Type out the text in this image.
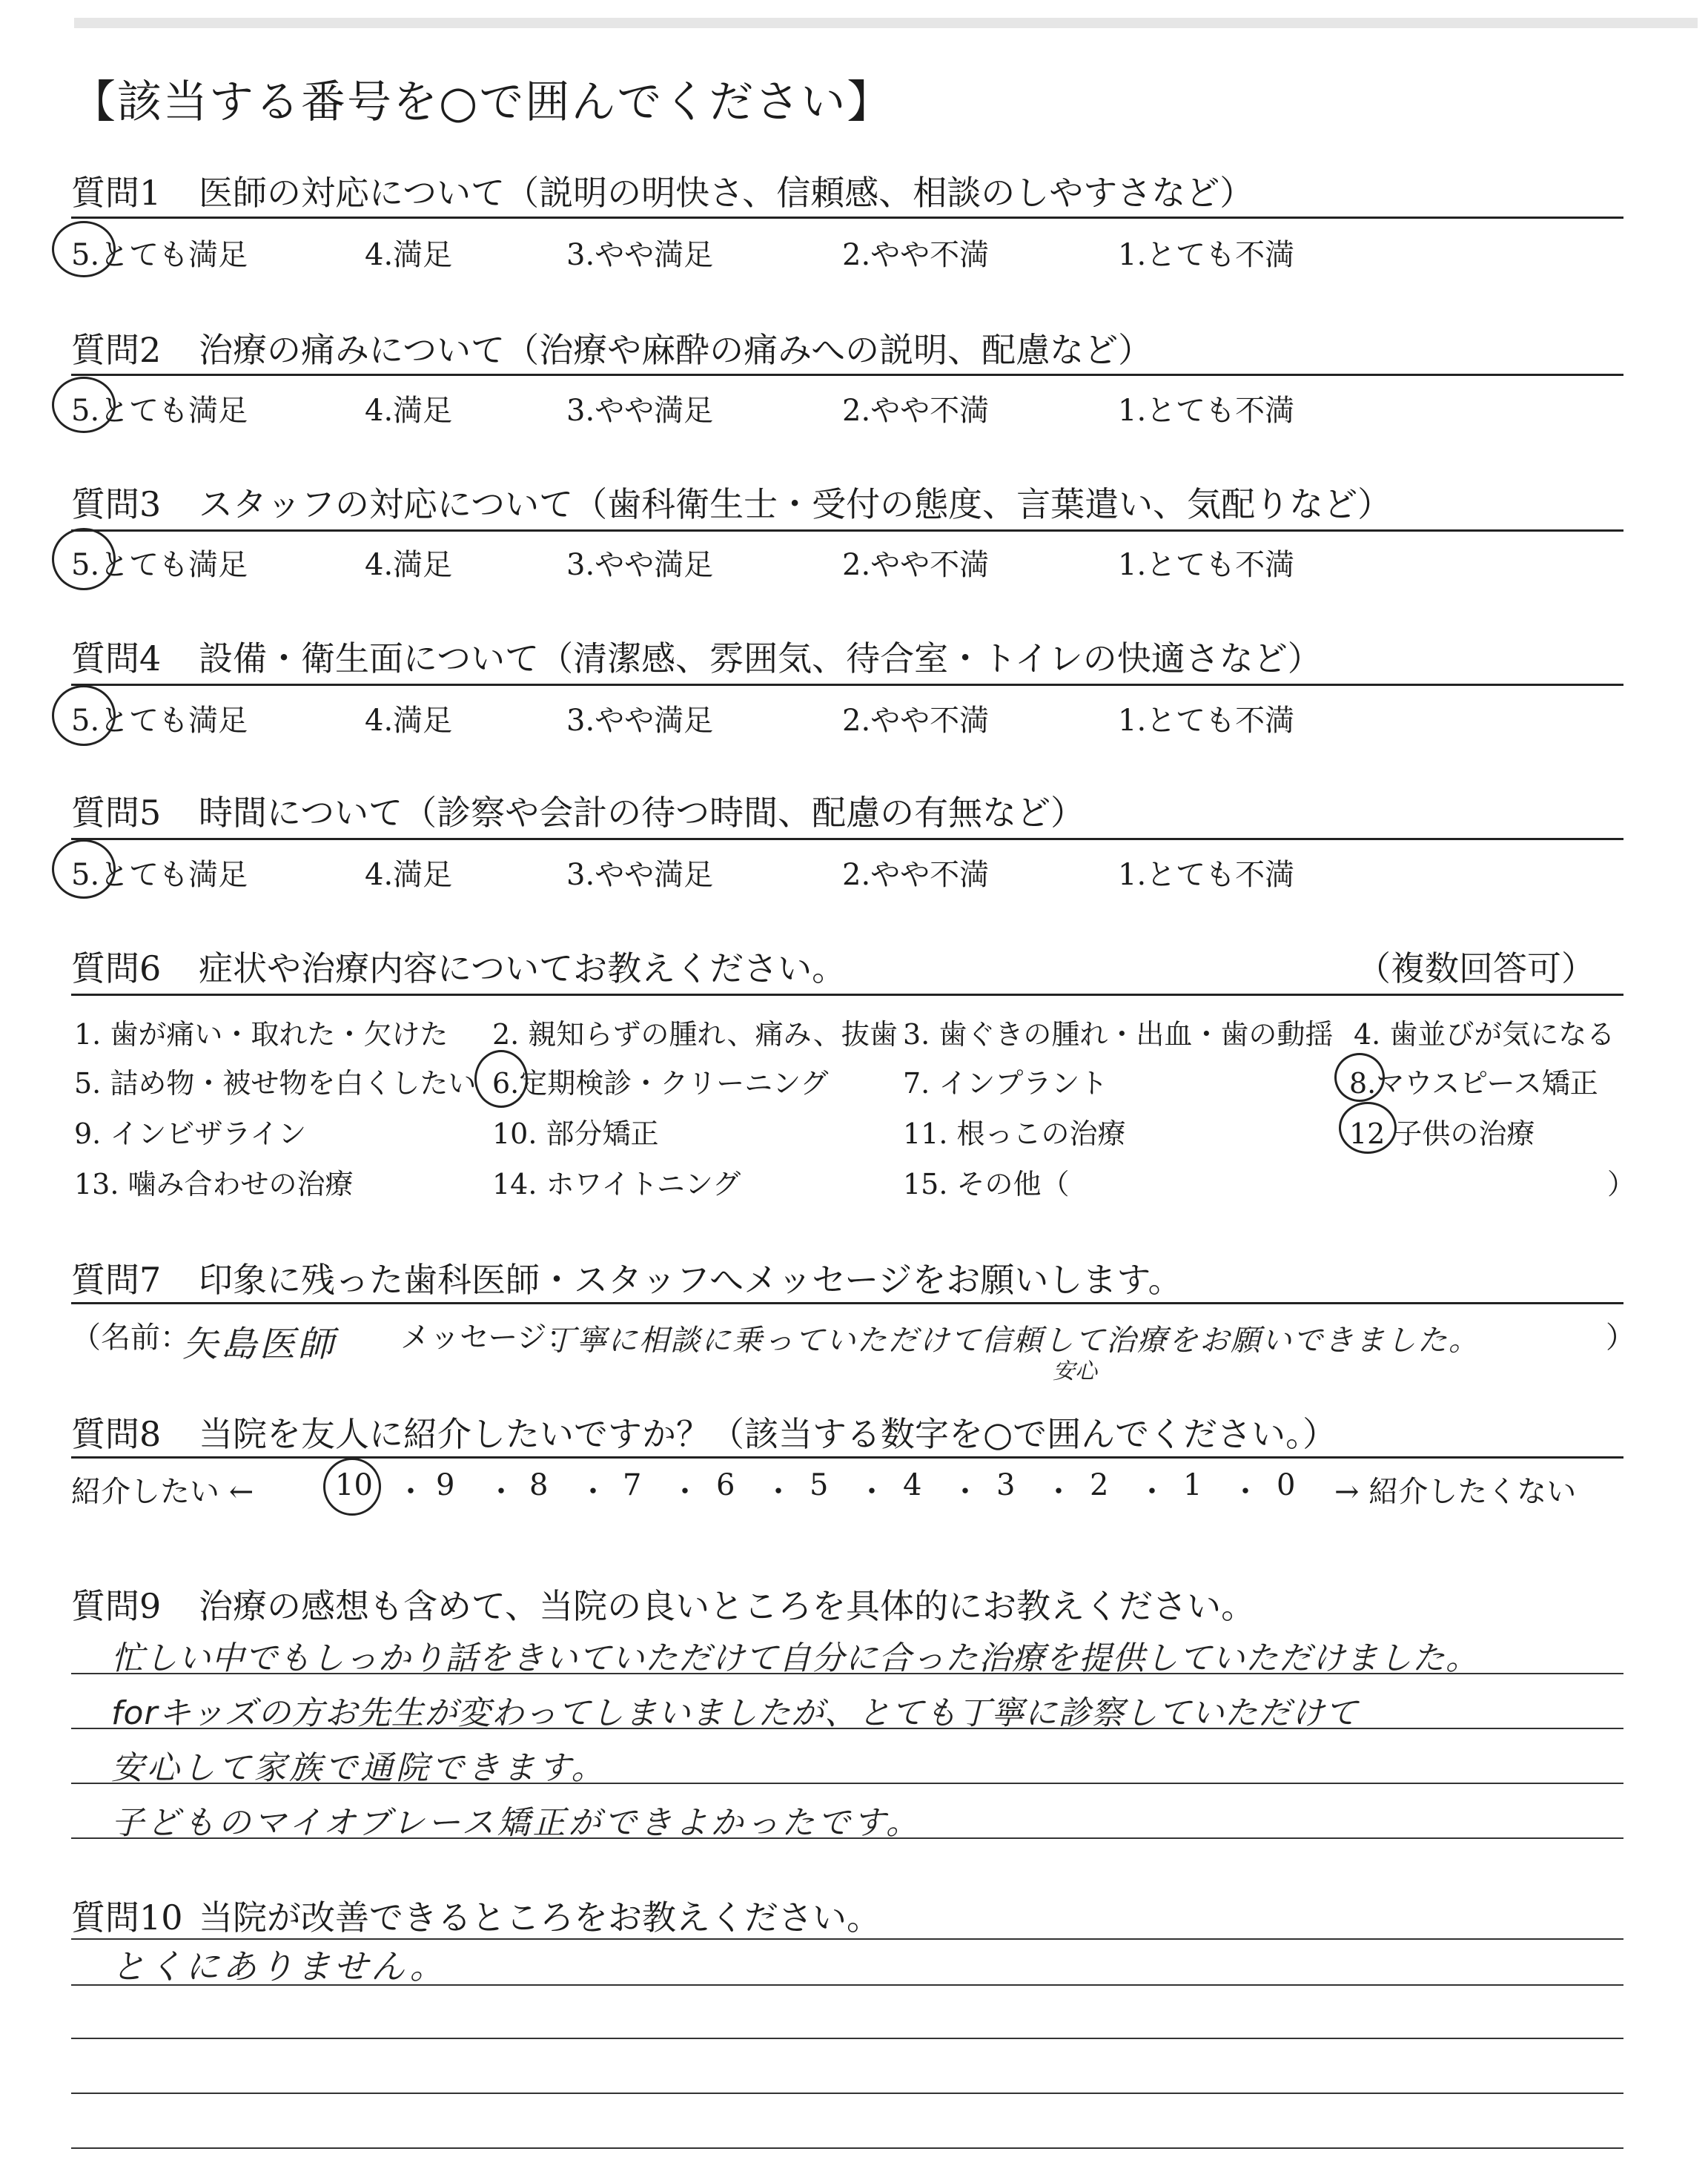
【該当する番号を○で囲んでください】
質問1 医師の対応について（説明の明快さ、信頼感、相談のしやすさなど）
5.とても満足	4.満足	3.やや満足	2.やや不満	1.とても不満
質問2 治療の痛みについて（治療や麻酔の痛みへの説明、配慮など）
5.とても満足	4.満足	3.やや満足	2.やや不満	1.とても不満
質問3 スタッフの対応について（歯科衛生士・受付の態度、言葉遣い、気配りなど）
5.とても満足	4.満足	3.やや満足	2.やや不満	1.とても不満
質問4 設備・衛生面について（清潔感、雰囲気、待合室・トイレの快適さなど）
5.とても満足	4.満足	3.やや満足	2.やや不満	1.とても不満
質問5 時間について（診察や会計の待つ時間、配慮の有無など）
5.とても満足	4.満足	3.やや満足	2.やや不満	1.とても不満
質問6 症状や治療内容についてお教えください。	（複数回答可）
1. 歯が痛い・取れた・欠けた 2. 親知らずの腫れ、痛み、抜歯 3. 歯ぐきの腫れ・出血・歯の動揺 4. 歯並びが気になる
5. 詰め物・被せ物を白くしたい 6.定期検診・クリーニング	7. インプラント	8.マウスピース矯正
9. インビザライン	10. 部分矯正	11. 根っこの治療	12 子供の治療
13. 噛み合わせの治療	14. ホワイトニング	15. その他（	）
質問7 印象に残った歯科医師・スタッフへメッセージをお願いします。
（名前：
矢島医師 メッセージ：
丁寧に相談に乗っていただけて信頼して治療をお願いできました。
安心
）
質問8 当院を友人に紹介したいですか？（該当する数字を○で囲んでください。）
紹介したい ←	10 ・ 9 ・ 8 ・ 7 ・ 6 ・ 5 ・ 4 ・ 3 ・ 2 ・ 1 ・ 0 → 紹介したくない
質問9 治療の感想も含めて、当院の良いところを具体的にお教えください。
忙しい中でもしっかり話をきいていただけて自分に合った治療を提供していただけました。
forキッズの方お先生が変わってしまいましたが、とても丁寧に診察していただけて
安心して家族で通院できます。
子どものマイオブレース矯正ができよかったです。
質問10 当院が改善できるところをお教えください。
とくにありません。
